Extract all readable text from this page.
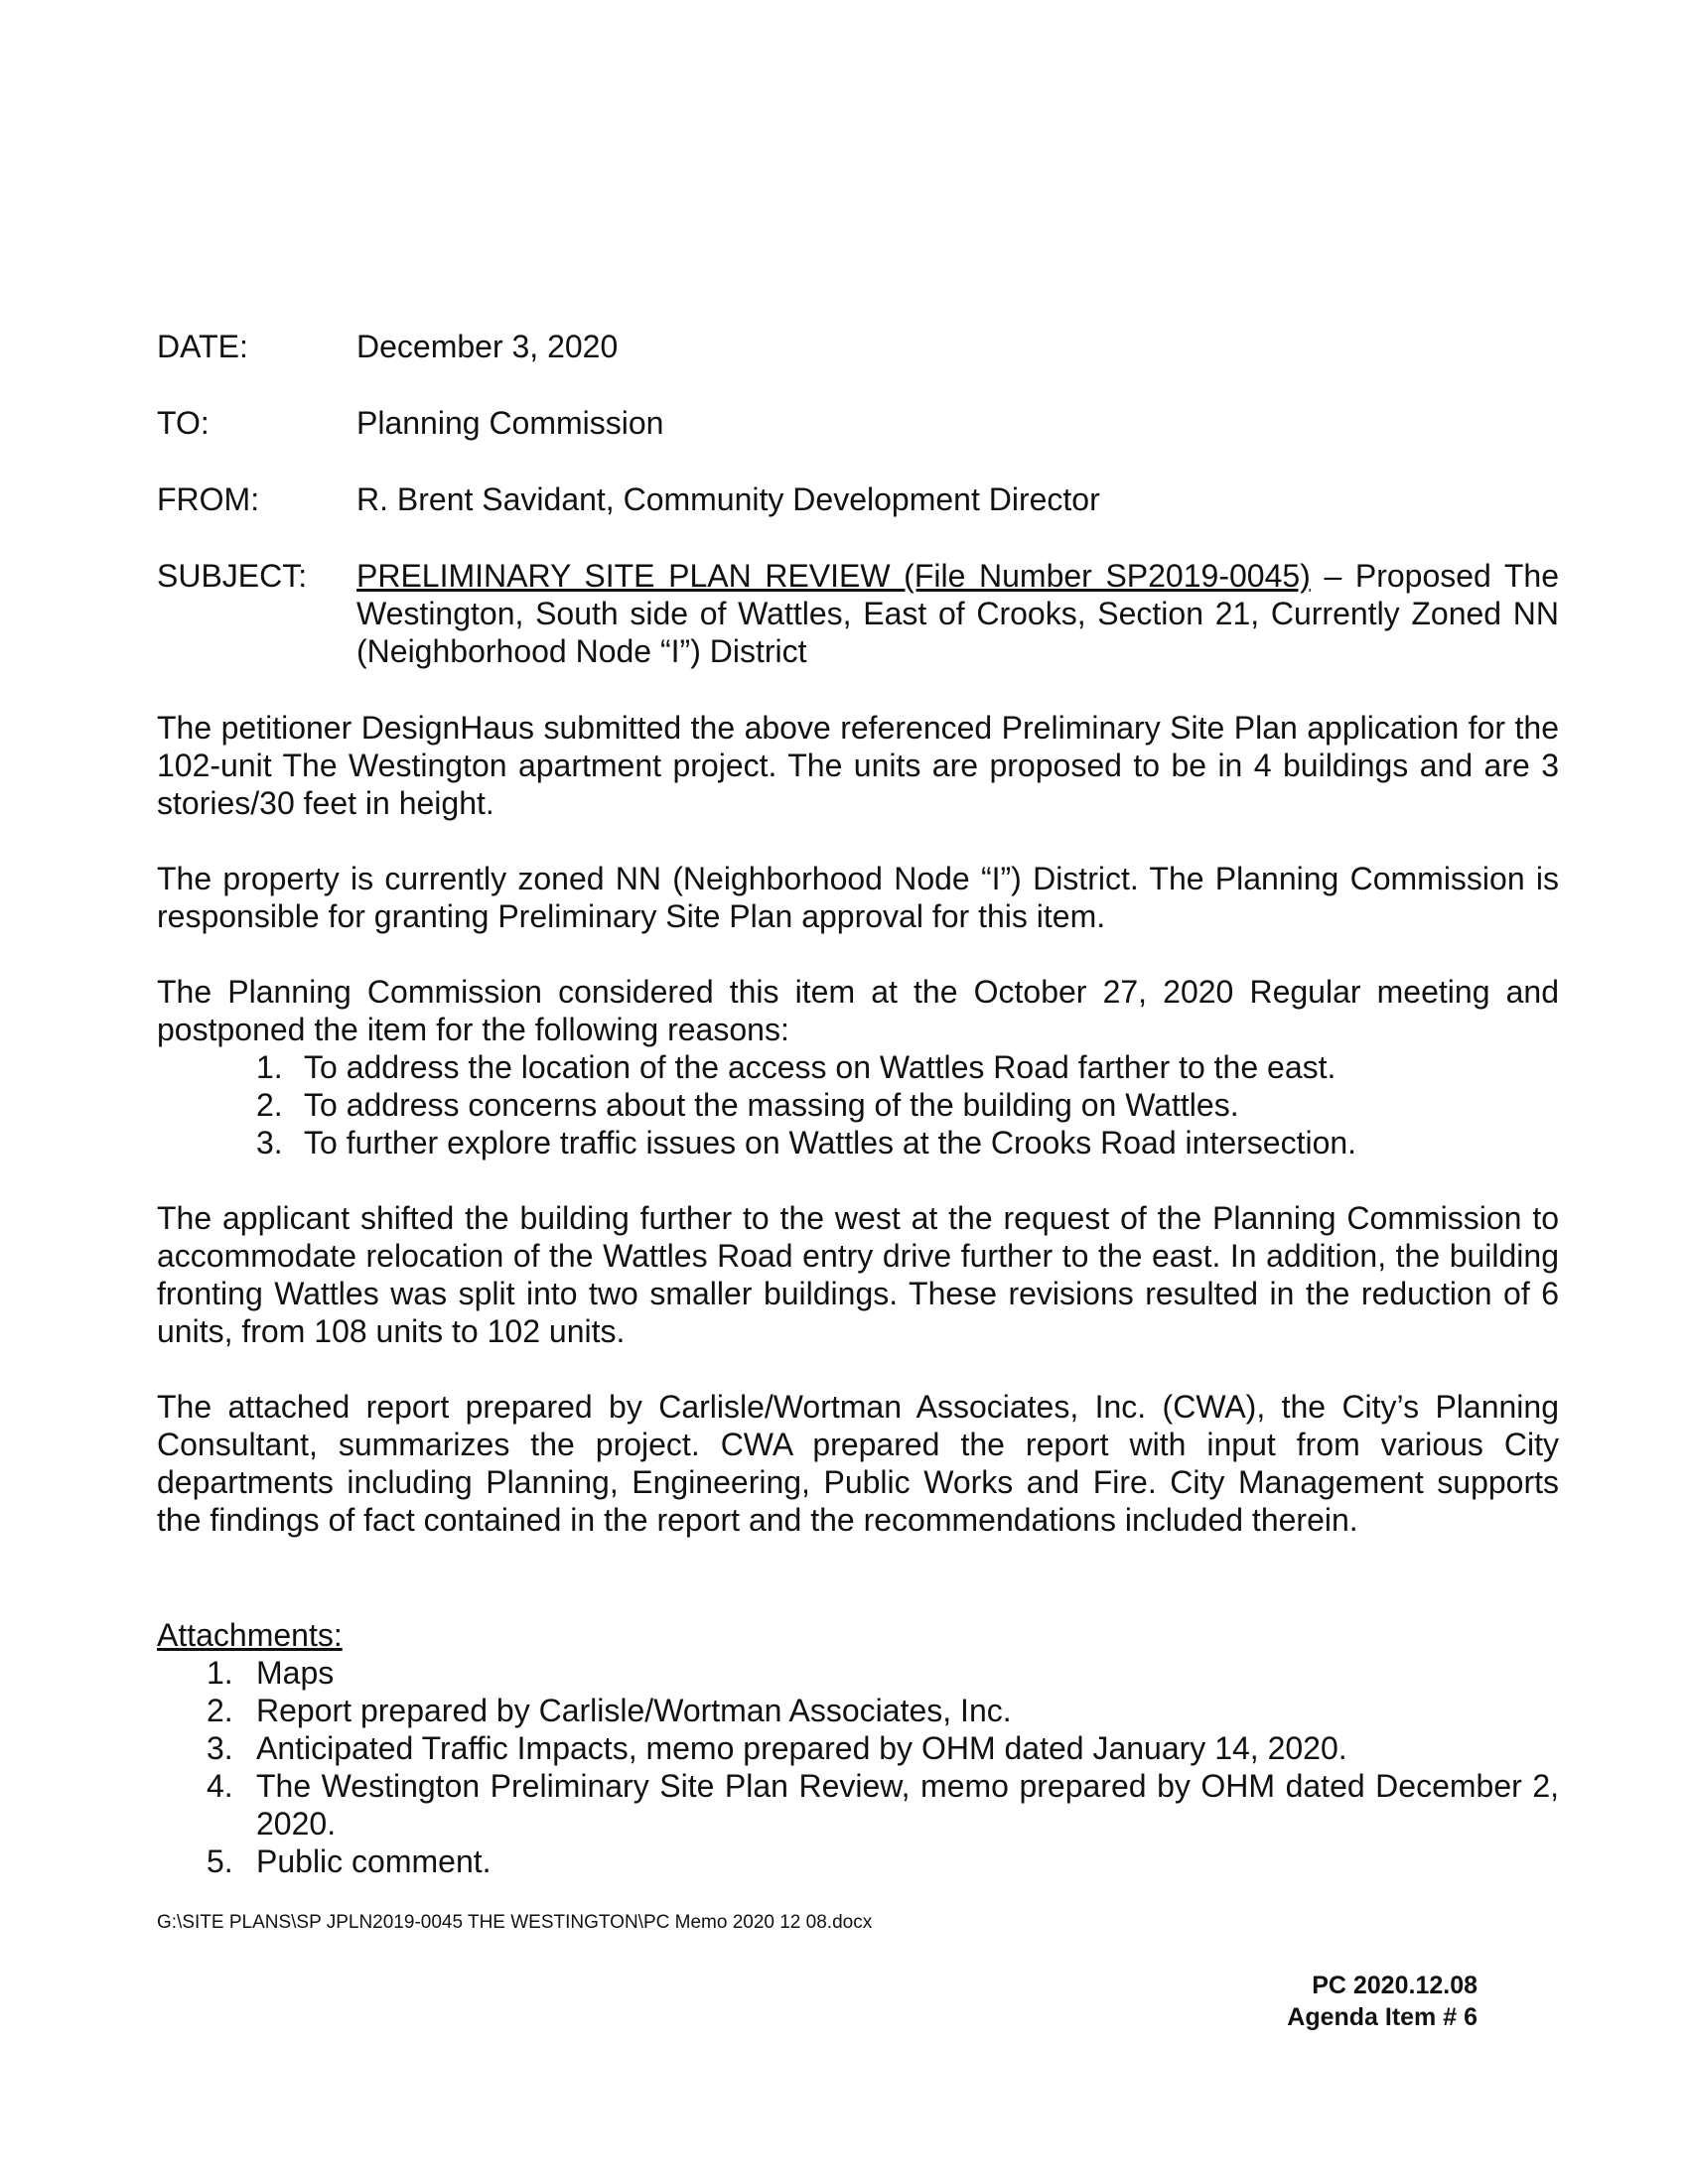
DATE:	December 3, 2020
TO:	Planning Commission
FROM:	R. Brent Savidant, Community Development Director
SUBJECT:	PRELIMINARY SITE PLAN REVIEW (File Number SP2019-0045) – Proposed The Westington, South side of Wattles, East of Crooks, Section 21, Currently Zoned NN (Neighborhood Node “I”) District

The petitioner DesignHaus submitted the above referenced Preliminary Site Plan application for the 102-unit The Westington apartment project. The units are proposed to be in 4 buildings and are 3 stories/30 feet in height.

The property is currently zoned NN (Neighborhood Node “I”) District. The Planning Commission is responsible for granting Preliminary Site Plan approval for this item.

The Planning Commission considered this item at the October 27, 2020 Regular meeting and postponed the item for the following reasons:

1. To address the location of the access on Wattles Road farther to the east.
2. To address concerns about the massing of the building on Wattles.
3. To further explore traffic issues on Wattles at the Crooks Road intersection.

The applicant shifted the building further to the west at the request of the Planning Commission to accommodate relocation of the Wattles Road entry drive further to the east. In addition, the building fronting Wattles was split into two smaller buildings. These revisions resulted in the reduction of 6 units, from 108 units to 102 units.

The attached report prepared by Carlisle/Wortman Associates, Inc. (CWA), the City’s Planning Consultant, summarizes the project. CWA prepared the report with input from various City departments including Planning, Engineering, Public Works and Fire. City Management supports the findings of fact contained in the report and the recommendations included therein.

Attachments:
1. Maps
2. Report prepared by Carlisle/Wortman Associates, Inc.
3. Anticipated Traffic Impacts, memo prepared by OHM dated January 14, 2020.
4. The Westington Preliminary Site Plan Review, memo prepared by OHM dated December 2, 2020.
5. Public comment.
G:\SITE PLANS\SP JPLN2019-0045 THE WESTINGTON\PC Memo 2020 12 08.docx
PC 2020.12.08
Agenda Item # 6
